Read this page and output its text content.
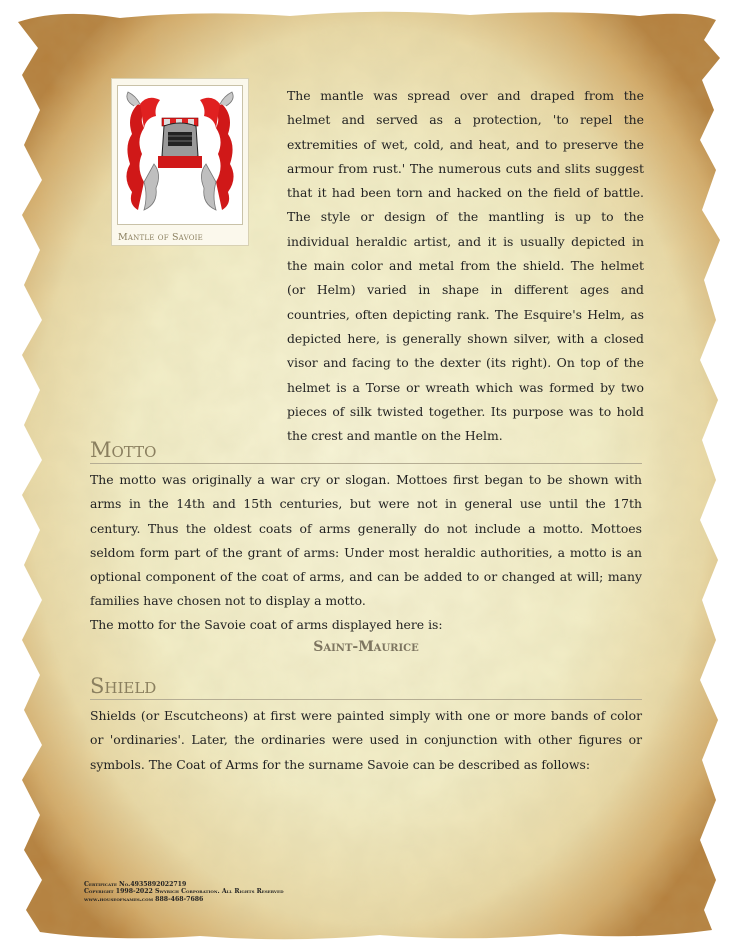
Mantle of Savoie
The mantle was spread over and draped from the helmet and served as a protection, 'to repel the extremities of wet, cold, and heat, and to preserve the armour from rust.' The numerous cuts and slits suggest that it had been torn and hacked on the field of battle. The style or design of the mantling is up to the individual heraldic artist, and it is usually depicted in the main color and metal from the shield. The helmet (or Helm) varied in shape in different ages and countries, often depicting rank. The Esquire's Helm, as depicted here, is generally shown silver, with a closed visor and facing to the dexter (its right). On top of the helmet is a Torse or wreath which was formed by two pieces of silk twisted together. Its purpose was to hold the crest and mantle on the Helm.
Motto
The motto was originally a war cry or slogan. Mottoes first began to be shown with arms in the 14th and 15th centuries, but were not in general use until the 17th century. Thus the oldest coats of arms generally do not include a motto. Mottoes seldom form part of the grant of arms: Under most heraldic authorities, a motto is an optional component of the coat of arms, and can be added to or changed at will; many families have chosen not to display a motto.
The motto for the Savoie coat of arms displayed here is:
Saint-Maurice
Shield
Shields (or Escutcheons) at first were painted simply with one or more bands of color or 'ordinaries'. Later, the ordinaries were used in conjunction with other figures or symbols. The Coat of Arms for the surname Savoie can be described as follows:
Certificate No.4935892022719
Copyright 1998-2022 Swyrich Corporation. All Rights Reserved
www.houseofnames.com 888-468-7686
